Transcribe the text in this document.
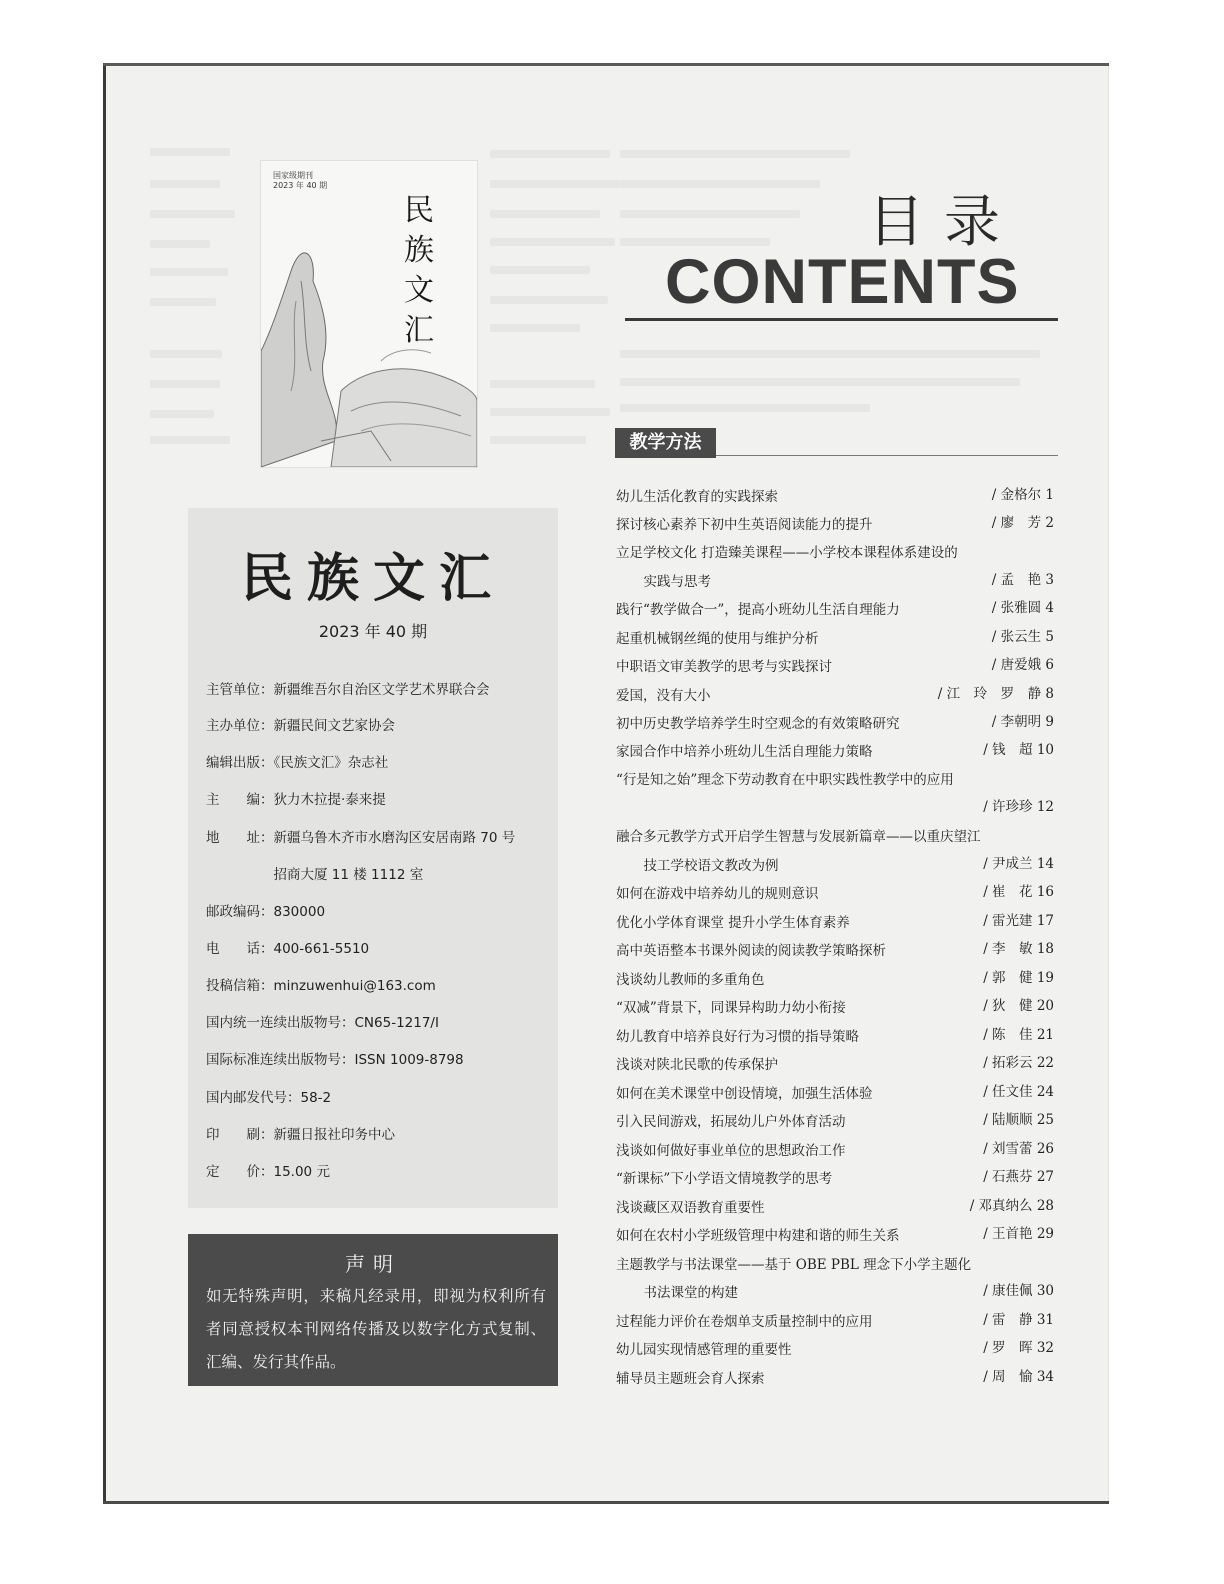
国家级期刊
2023 年 40 期
民族文汇
民族文汇
2023 年 40 期
主管单位：新疆维吾尔自治区文学艺术界联合会
主办单位：新疆民间文艺家协会
编辑出版：《民族文汇》杂志社
主　　编：狄力木拉提·泰来提
地　　址：新疆乌鲁木齐市水磨沟区安居南路 70 号
　　　　　招商大厦 11 楼 1112 室
邮政编码：830000
电　　话：400-661-5510
投稿信箱：minzuwenhui@163.com
国内统一连续出版物号：CN65-1217/I
国际标准连续出版物号：ISSN 1009-8798
国内邮发代号：58-2
印　　刷：新疆日报社印务中心
定　　价：15.00 元
声明
如无特殊声明，来稿凡经录用，即视为权利所有者同意授权本刊网络传播及以数字化方式复制、汇编、发行其作品。
目录
CONTENTS
教学方法
幼儿生活化教育的实践探索	/ 金格尔 1
探讨核心素养下初中生英语阅读能力的提升	/ 廖　芳 2
立足学校文化 打造臻美课程——小学校本课程体系建设的
　实践与思考	/ 孟　艳 3
践行“教学做合一”，提高小班幼儿生活自理能力	/ 张雅圆 4
起重机械钢丝绳的使用与维护分析	/ 张云生 5
中职语文审美教学的思考与实践探讨	/ 唐爱娥 6
爱国，没有大小	/ 江　玲　罗　静 8
初中历史教学培养学生时空观念的有效策略研究	/ 李朝明 9
家园合作中培养小班幼儿生活自理能力策略	/ 钱　超 10
“行是知之始”理念下劳动教育在中职实践性教学中的应用
/ 许珍珍 12
融合多元教学方式开启学生智慧与发展新篇章——以重庆望江
　技工学校语文教改为例	/ 尹成兰 14
如何在游戏中培养幼儿的规则意识	/ 崔　花 16
优化小学体育课堂 提升小学生体育素养	/ 雷光建 17
高中英语整本书课外阅读的阅读教学策略探析	/ 李　敏 18
浅谈幼儿教师的多重角色	/ 郭　健 19
“双减”背景下，同课异构助力幼小衔接	/ 狄　健 20
幼儿教育中培养良好行为习惯的指导策略	/ 陈　佳 21
浅谈对陕北民歌的传承保护	/ 拓彩云 22
如何在美术课堂中创设情境，加强生活体验	/ 任文佳 24
引入民间游戏，拓展幼儿户外体育活动	/ 陆顺顺 25
浅谈如何做好事业单位的思想政治工作	/ 刘雪蕾 26
“新课标”下小学语文情境教学的思考	/ 石燕芬 27
浅谈藏区双语教育重要性	/ 邓真纳么 28
如何在农村小学班级管理中构建和谐的师生关系	/ 王首艳 29
主题教学与书法课堂——基于 OBE PBL 理念下小学主题化
　书法课堂的构建	/ 康佳佩 30
过程能力评价在卷烟单支质量控制中的应用	/ 雷　静 31
幼儿园实现情感管理的重要性	/ 罗　晖 32
辅导员主题班会育人探索	/ 周　愉 34
